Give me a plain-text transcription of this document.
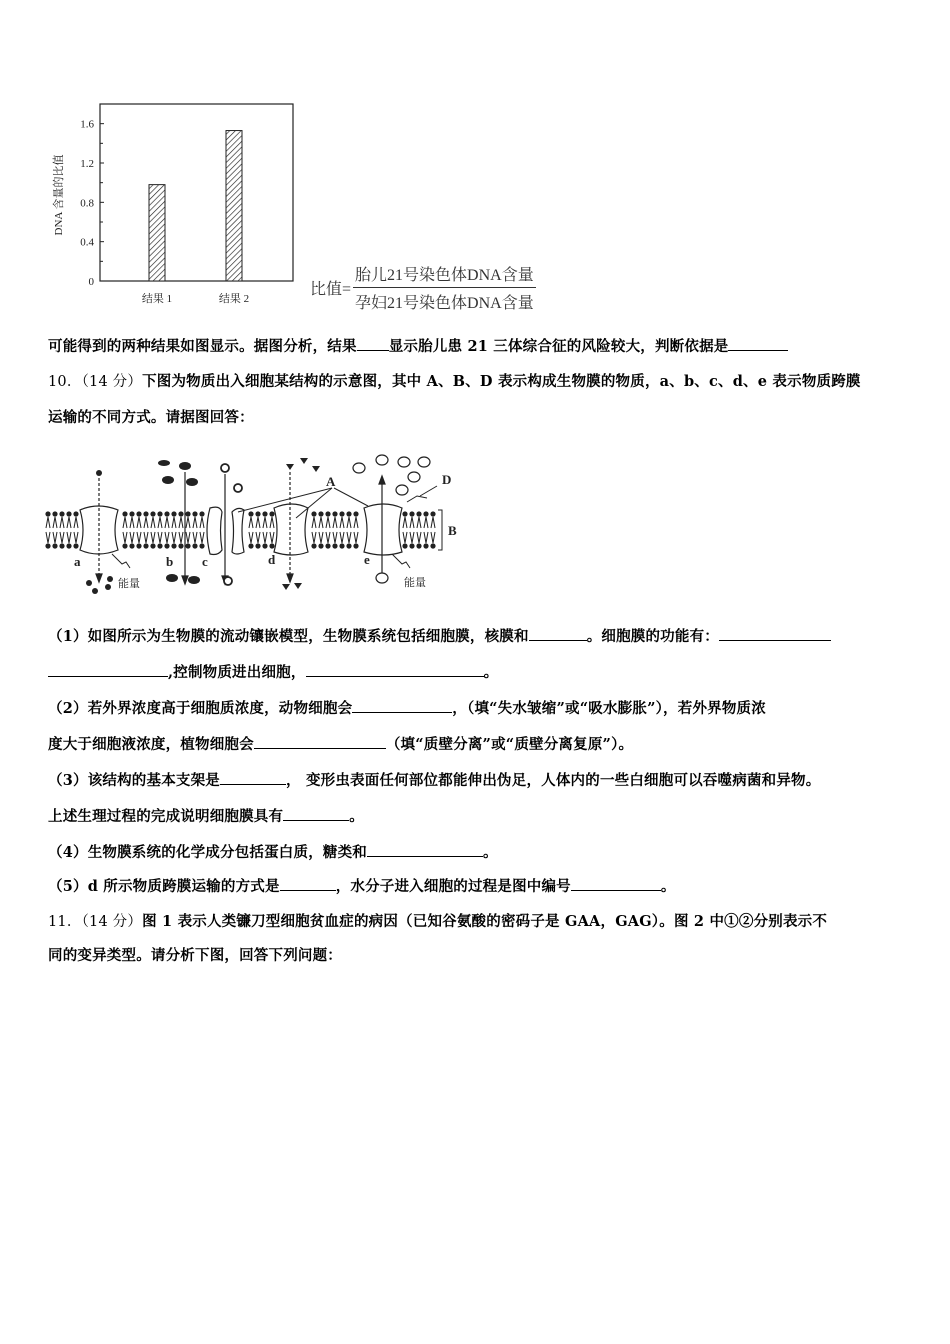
0
0.4
0.8
1.2
1.6
结果 1	结果 2
DNA 含量的比值
比值= $\frac{\text{胎儿21号染色体DNA含量}}{\text{孕妇21号染色体DNA含量}}$
可能得到的两种结果如图显示。据图分析，结果 显示胎儿患 21 三体综合征的风险较大，判断依据是
10．（14 分）下图为物质出入细胞某结构的示意图，其中 A、B、D 表示构成生物膜的物质，a、b、c、d、e 表示物质跨膜
运输的不同方式。请据图回答：
A	D
B
a	b c	d	e
能量	能量
（1）如图所示为生物膜的流动镶嵌模型，生物膜系统包括细胞膜，核膜和	。细胞膜的功能有：
,控制物质进出细胞，	。
（2）若外界浓度高于细胞质浓度，动物细胞会	，（填“失水皱缩”或“吸水膨胀”），若外界物质浓
度大于细胞液浓度，植物细胞会	（填“质壁分离”或“质壁分离复原”）。
（3）该结构的基本支架是	， 变形虫表面任何部位都能伸出伪足，人体内的一些白细胞可以吞噬病菌和异物。
上述生理过程的完成说明细胞膜具有	。
（4）生物膜系统的化学成分包括蛋白质，糖类和	。
（5）d 所示物质跨膜运输的方式是	，水分子进入细胞的过程是图中编号	。
11．（14 分）图 1 表示人类镰刀型细胞贫血症的病因（已知谷氨酸的密码子是 GAA，GAG）。图 2 中①②分别表示不
同的变异类型。请分析下图，回答下列问题：
